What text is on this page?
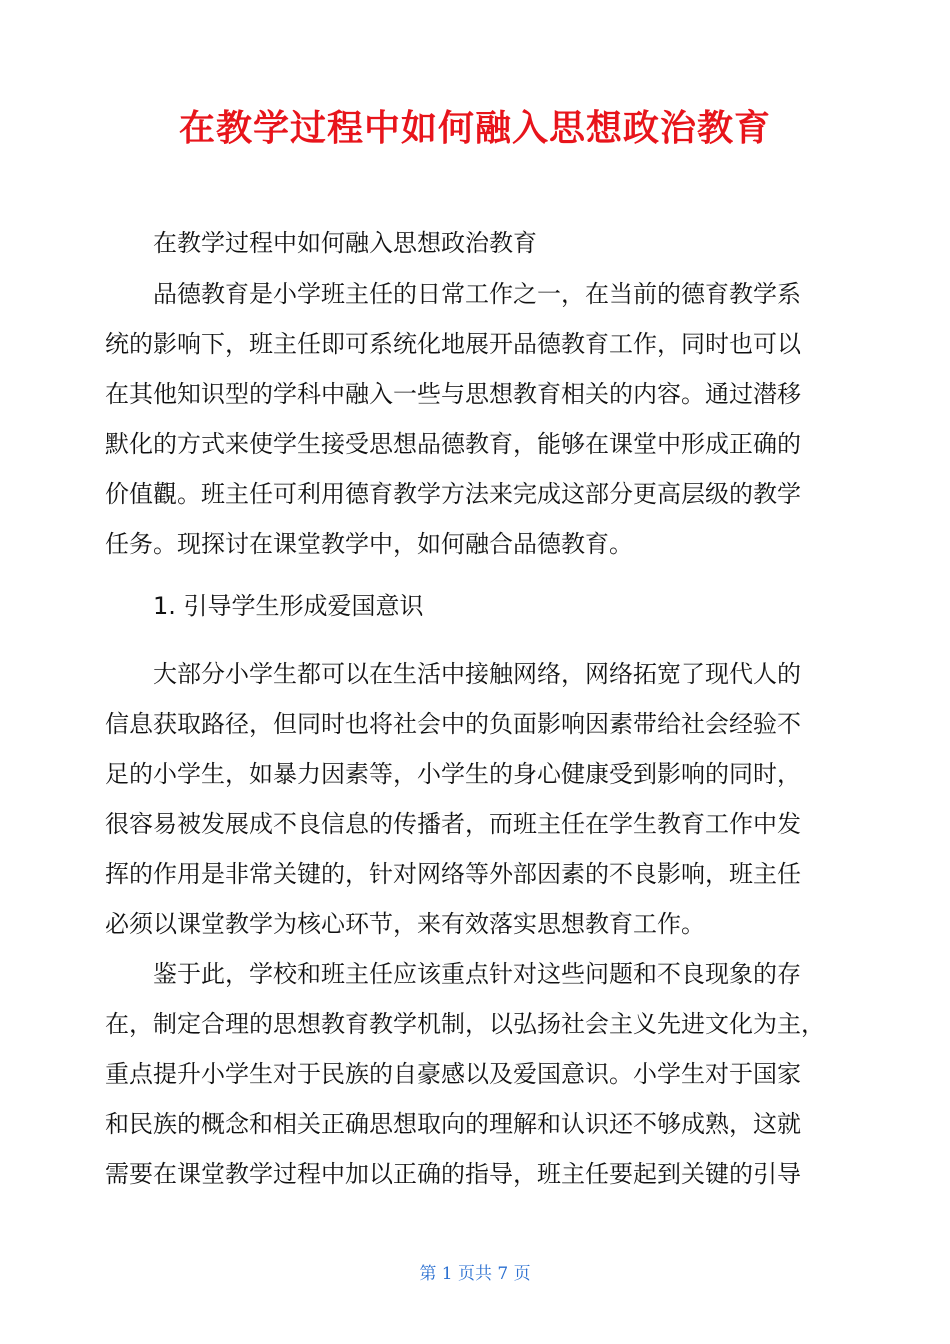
在教学过程中如何融入思想政治教育
　　在教学过程中如何融入思想政治教育
　　品德教育是小学班主任的日常工作之一，在当前的德育教学系
统的影响下，班主任即可系统化地展开品德教育工作，同时也可以
在其他知识型的学科中融入一些与思想教育相关的内容。通过潜移
默化的方式来使学生接受思想品德教育，能够在课堂中形成正确的
价值觀。班主任可利用德育教学方法来完成这部分更高层级的教学
任务。现探讨在课堂教学中，如何融合品德教育。
　　1. 引导学生形成爱国意识
　　大部分小学生都可以在生活中接触网络，网络拓宽了现代人的
信息获取路径，但同时也将社会中的负面影响因素带给社会经验不
足的小学生，如暴力因素等，小学生的身心健康受到影响的同时，
很容易被发展成不良信息的传播者，而班主任在学生教育工作中发
挥的作用是非常关键的，针对网络等外部因素的不良影响，班主任
必须以课堂教学为核心环节，来有效落实思想教育工作。
　　鉴于此，学校和班主任应该重点针对这些问题和不良现象的存
在，制定合理的思想教育教学机制，以弘扬社会主义先进文化为主，
重点提升小学生对于民族的自豪感以及爱国意识。小学生对于国家
和民族的概念和相关正确思想取向的理解和认识还不够成熟，这就
需要在课堂教学过程中加以正确的指导，班主任要起到关键的引导
第 1 页共 7 页
